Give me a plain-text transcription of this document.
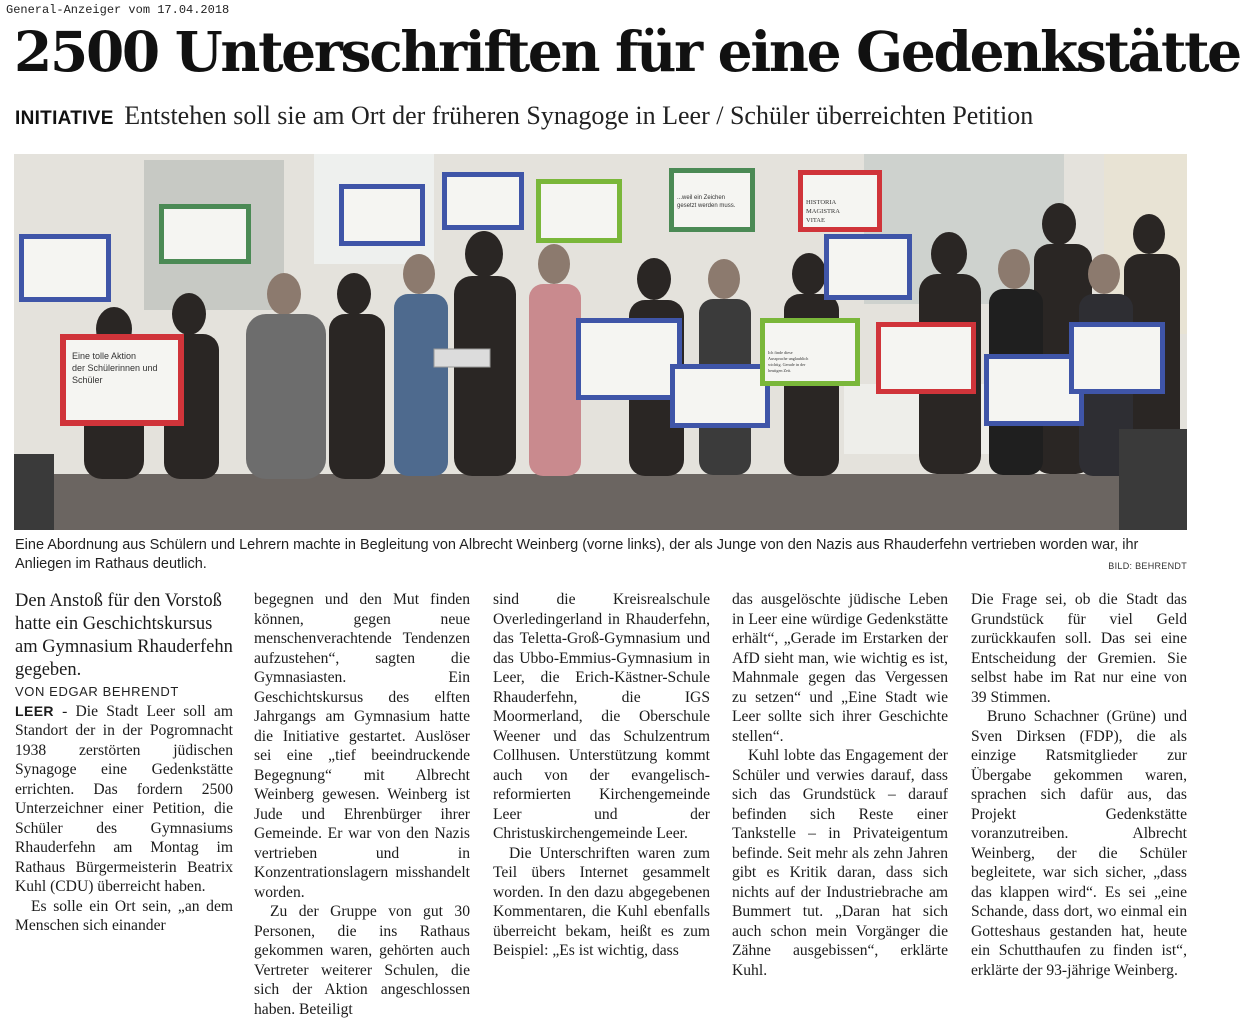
General-Anzeiger vom 17.04.2018
2500 Unterschriften für eine Gedenkstätte
INITIATIVE Entstehen soll sie am Ort der früheren Synagoge in Leer / Schüler überreichten Petition
Eine tolle Aktion der Schülerinnen und Schüler
...weil ein Zeichen gesetzt werden muss.	HISTORIA MAGISTRA VITAE
Ich finde diese Aussprache unglaublich wichtig. Gerade in der heutigen Zeit.
Eine Abordnung aus Schülern und Lehrern machte in Begleitung von Albrecht Weinberg (vorne links), der als Junge von den Nazis aus Rhauderfehn vertrieben worden war, ihr Anliegen im Rathaus deutlich.	BILD: BEHRENDT

Den Anstoß für den Vorstoß hatte ein Geschichtskursus am Gymnasium Rhauderfehn gegeben.

VON EDGAR BEHRENDT

LEER - Die Stadt Leer soll am Standort der in der Pogromnacht 1938 zerstörten jüdischen Synagoge eine Gedenkstätte errichten. Das fordern 2500 Unterzeichner einer Petition, die Schüler des Gymnasiums Rhauderfehn am Montag im Rathaus Bürgermeisterin Beatrix Kuhl (CDU) überreicht haben.

Es solle ein Ort sein, „an dem Menschen sich einander

begegnen und den Mut finden können, gegen neue menschenverachtende Tendenzen aufzustehen“, sagten die Gymnasiasten. Ein Geschichtskursus des elften Jahrgangs am Gymnasium hatte die Initiative gestartet. Auslöser sei eine „tief beeindruckende Begegnung“ mit Albrecht Weinberg gewesen. Weinberg ist Jude und Ehrenbürger ihrer Gemeinde. Er war von den Nazis vertrieben und in Konzentrationslagern misshandelt worden.

Zu der Gruppe von gut 30 Personen, die ins Rathaus gekommen waren, gehörten auch Vertreter weiterer Schulen, die sich der Aktion angeschlossen haben. Beteiligt

sind die Kreisrealschule Overledingerland in Rhauderfehn, das Teletta-Groß-Gymnasium und das Ubbo-Emmius-Gymnasium in Leer, die Erich-Kästner-Schule Rhauderfehn, die IGS Moormerland, die Oberschule Weener und das Schulzentrum Collhusen. Unterstützung kommt auch von der evangelisch-reformierten Kirchengemeinde Leer und der Christuskirchengemeinde Leer.

Die Unterschriften waren zum Teil übers Internet gesammelt worden. In den dazu abgegebenen Kommentaren, die Kuhl ebenfalls überreicht bekam, heißt es zum Beispiel: „Es ist wichtig, dass

das ausgelöschte jüdische Leben in Leer eine würdige Gedenkstätte erhält“, „Gerade im Erstarken der AfD sieht man, wie wichtig es ist, Mahnmale gegen das Vergessen zu setzen“ und „Eine Stadt wie Leer sollte sich ihrer Geschichte stellen“.

Kuhl lobte das Engagement der Schüler und verwies darauf, dass sich das Grundstück – darauf befinden sich Reste einer Tankstelle – in Privateigentum befinde. Seit mehr als zehn Jahren gibt es Kritik daran, dass sich nichts auf der Industriebrache am Bummert tut. „Daran hat sich auch schon mein Vorgänger die Zähne ausgebissen“, erklärte Kuhl.

Die Frage sei, ob die Stadt das Grundstück für viel Geld zurückkaufen soll. Das sei eine Entscheidung der Gremien. Sie selbst habe im Rat nur eine von 39 Stimmen.

Bruno Schachner (Grüne) und Sven Dirksen (FDP), die als einzige Ratsmitglieder zur Übergabe gekommen waren, sprachen sich dafür aus, das Projekt Gedenkstätte voranzutreiben. Albrecht Weinberg, der die Schüler begleitete, war sich sicher, „dass das klappen wird“. Es sei „eine Schande, dass dort, wo einmal ein Gotteshaus gestanden hat, heute ein Schutthaufen zu finden ist“, erklärte der 93-jährige Weinberg.
